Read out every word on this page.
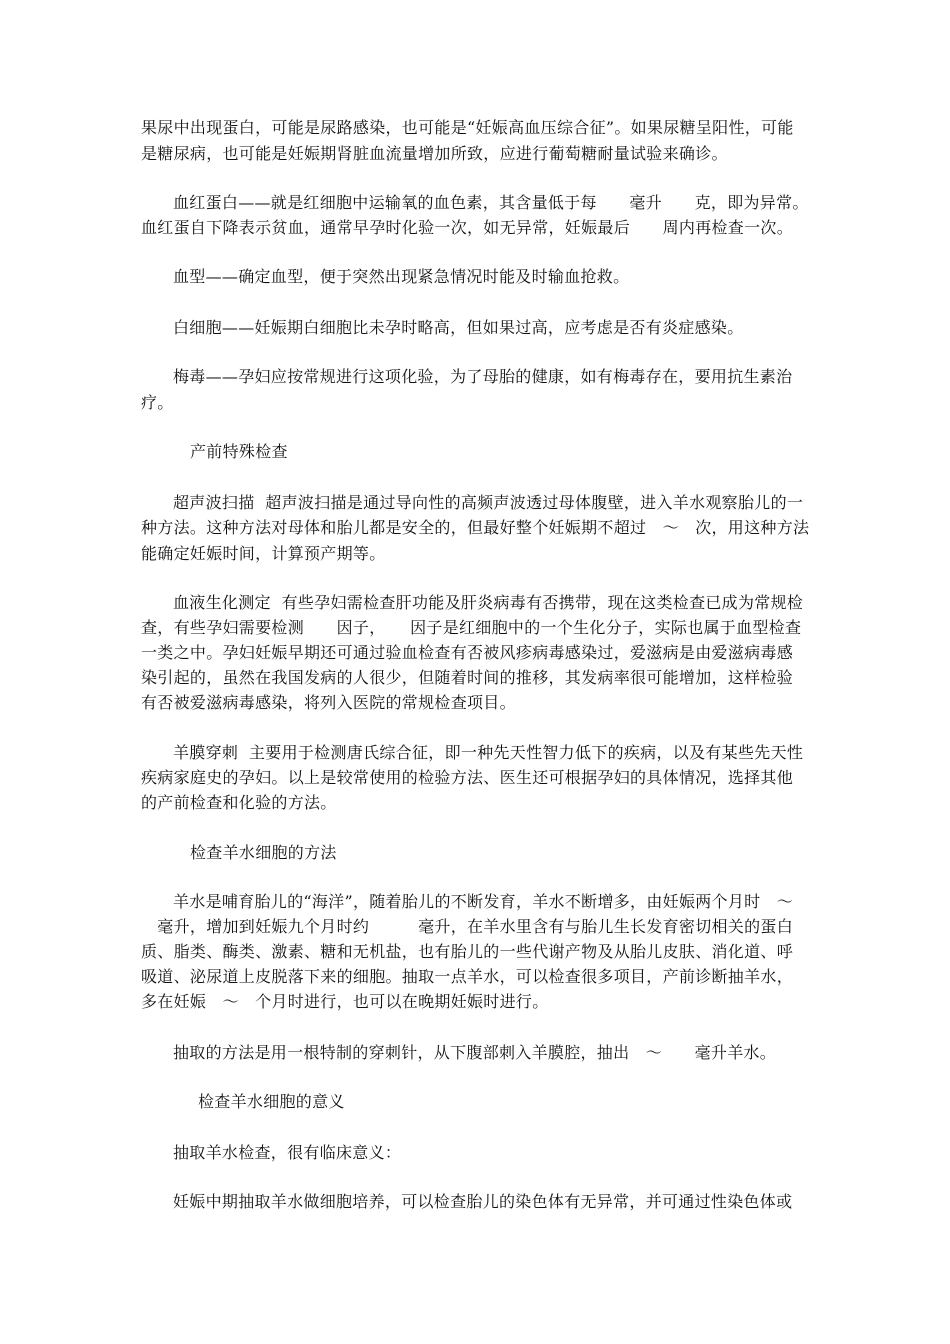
果尿中出现蛋白，可能是尿路感染，也可能是“妊娠高血压综合征”。如果尿糖呈阳性，可能
是糖尿病，也可能是妊娠期肾脏血流量增加所致，应进行葡萄糖耐量试验来确诊。
血红蛋白——就是红细胞中运输氧的血色素，其含量低于每　　毫升　　克，即为异常。
血红蛋自下降表示贫血，通常早孕时化验一次，如无异常，妊娠最后　　周内再检查一次。
血型——确定血型，便于突然出现紧急情况时能及时输血抢救。
白细胞——妊娠期白细胞比未孕时略高，但如果过高，应考虑是否有炎症感染。
梅毒——孕妇应按常规进行这项化验，为了母胎的健康，如有梅毒存在，要用抗生素治
疗。
产前特殊检查
超声波扫描  超声波扫描是通过导向性的高频声波透过母体腹壁，进入羊水观察胎儿的一
种方法。这种方法对母体和胎儿都是安全的，但最好整个妊娠期不超过　～　次，用这种方法
能确定妊娠时间，计算预产期等。
血液生化测定  有些孕妇需检查肝功能及肝炎病毒有否携带，现在这类检查已成为常规检
查，有些孕妇需要检测　　因子，　　因子是红细胞中的一个生化分子，实际也属于血型检查
一类之中。孕妇妊娠早期还可通过验血检查有否被风疹病毒感染过，爱滋病是由爱滋病毒感
染引起的，虽然在我国发病的人很少，但随着时间的推移，其发病率很可能增加，这样检验
有否被爱滋病毒感染，将列入医院的常规检查项目。
羊膜穿刺  主要用于检测唐氏综合征，即一种先天性智力低下的疾病，以及有某些先天性
疾病家庭史的孕妇。以上是较常使用的检验方法、医生还可根据孕妇的具体情况，选择其他
的产前检查和化验的方法。
检查羊水细胞的方法
羊水是哺育胎儿的“海洋”，随着胎儿的不断发育，羊水不断增多，由妊娠两个月时　～
　毫升，增加到妊娠九个月时约　　　毫升，在羊水里含有与胎儿生长发育密切相关的蛋白
质、脂类、酶类、激素、糖和无机盐，也有胎儿的一些代谢产物及从胎儿皮肤、消化道、呼
吸道、泌尿道上皮脱落下来的细胞。抽取一点羊水，可以检查很多项目，产前诊断抽羊水，
多在妊娠　～　个月时进行，也可以在晚期妊娠时进行。
抽取的方法是用一根特制的穿刺针，从下腹部刺入羊膜腔，抽出　～　　毫升羊水。
检查羊水细胞的意义
抽取羊水检查，很有临床意义：
妊娠中期抽取羊水做细胞培养，可以检查胎儿的染色体有无异常，并可通过性染色体或
